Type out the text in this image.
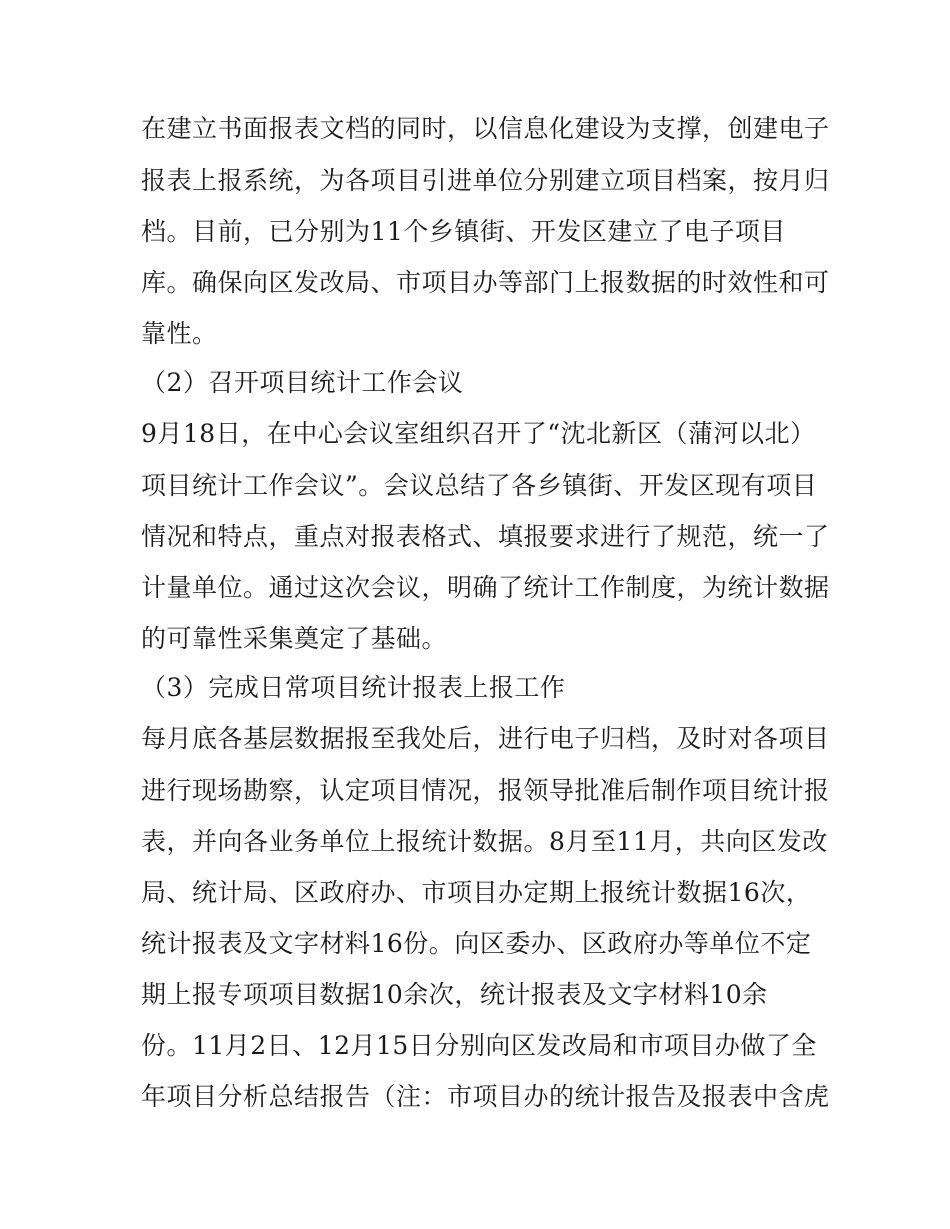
在建立书面报表文档的同时，以信息化建设为支撑，创建电子

报表上报系统，为各项目引进单位分别建立项目档案，按月归

档。目前，已分别为11个乡镇街、开发区建立了电子项目

库。确保向区发改局、市项目办等部门上报数据的时效性和可

靠性。

（2）召开项目统计工作会议

9月18日，在中心会议室组织召开了“沈北新区（蒲河以北）

项目统计工作会议”。会议总结了各乡镇街、开发区现有项目

情况和特点，重点对报表格式、填报要求进行了规范，统一了

计量单位。通过这次会议，明确了统计工作制度，为统计数据

的可靠性采集奠定了基础。

（3）完成日常项目统计报表上报工作

每月底各基层数据报至我处后，进行电子归档，及时对各项目

进行现场勘察，认定项目情况，报领导批准后制作项目统计报

表，并向各业务单位上报统计数据。8月至11月，共向区发改

局、统计局、区政府办、市项目办定期上报统计数据16次，

统计报表及文字材料16份。向区委办、区政府办等单位不定

期上报专项项目数据10余次，统计报表及文字材料10余

份。11月2日、12月15日分别向区发改局和市项目办做了全

年项目分析总结报告（注：市项目办的统计报告及报表中含虎
